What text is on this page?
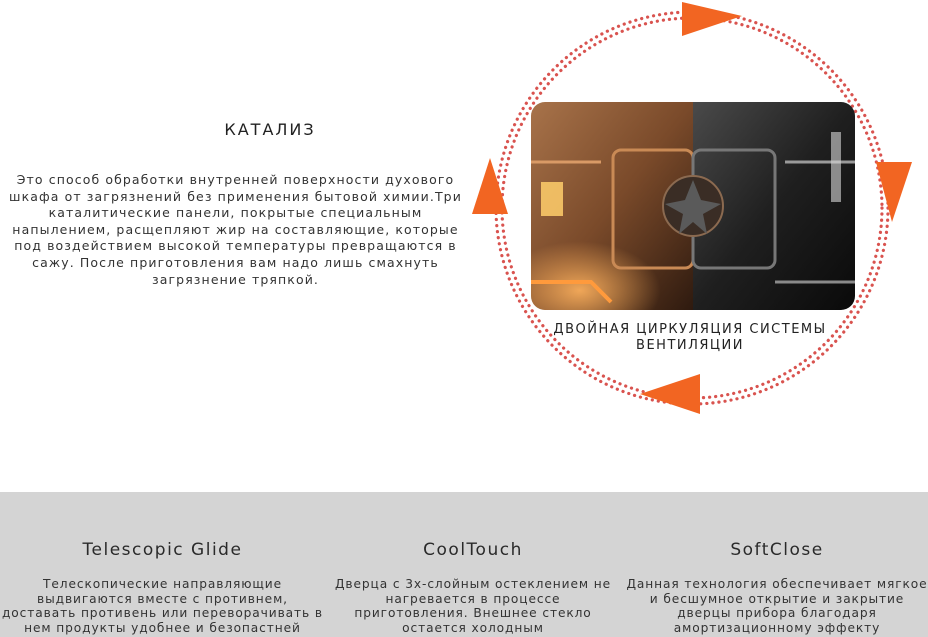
КАТАЛИЗ
Это способ обработки внутренней поверхности духового шкафа от загрязнений без применения бытовой химии.Три каталитические панели, покрытые специальным напылением, расщепляют жир на составляющие, которые под воздействием высокой температуры превращаются в сажу. После приготовления вам надо лишь смахнуть загрязнение тряпкой.
ДВОЙНАЯ ЦИРКУЛЯЦИЯ СИСТЕМЫ ВЕНТИЛЯЦИИ
Telescopic Glide

Телескопические направляющие выдвигаются вместе с противнем, доставать противень или переворачивать в нем продукты удобнее и безопастней

CoolTouch

Дверца с 3х-слойным остеклением не нагревается в процессе приготовления. Внешнее стекло остается холодным

SoftClose

Данная технология обеспечивает мягкое и бесшумное открытие и закрытие дверцы прибора благодаря амортизационному эффекту
